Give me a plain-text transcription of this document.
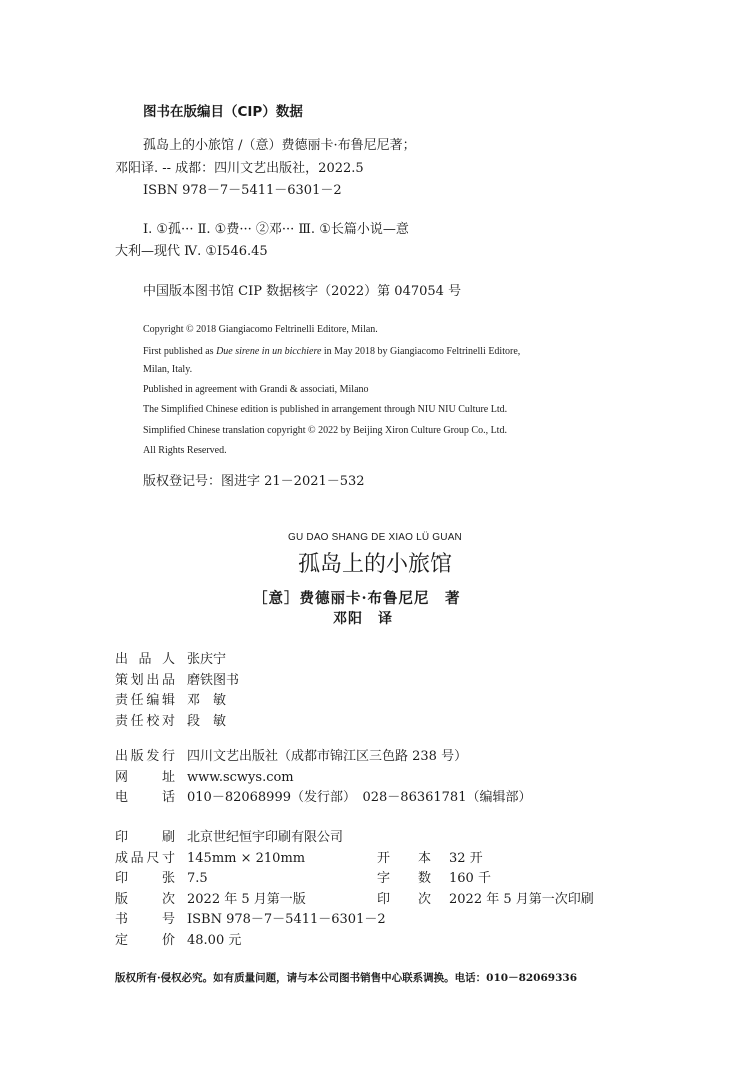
图书在版编目（CIP）数据
孤岛上的小旅馆 /（意）费德丽卡·布鲁尼尼著；
邓阳译. -- 成都：四川文艺出版社，2022.5
ISBN 978－7－5411－6301－2
Ⅰ. ①孤··· Ⅱ. ①费··· ②邓··· Ⅲ. ①长篇小说—意
大利—现代 Ⅳ. ①I546.45
中国版本图书馆 CIP 数据核字（2022）第 047054 号
Copyright © 2018 Giangiacomo Feltrinelli Editore, Milan.
First published as Due sirene in un bicchiere in May 2018 by Giangiacomo Feltrinelli Editore,
Milan, Italy.
Published in agreement with Grandi & associati, Milano
The Simplified Chinese edition is published in arrangement through NIU NIU Culture Ltd.
Simplified Chinese translation copyright © 2022 by Beijing Xiron Culture Group Co., Ltd.
All Rights Reserved.
版权登记号：图进字 21－2021－532
GU DAO SHANG DE XIAO LÜ GUAN
孤岛上的小旅馆
［意］费德丽卡·布鲁尼尼　著
邓阳　译
出品人 张庆宁
策划出品 磨铁图书
责任编辑 邓　敏
责任校对 段　敏
出版发行 四川文艺出版社（成都市锦江区三色路 238 号）
网址 www.scwys.com
电话 010－82068999（发行部）　028－86361781（编辑部）
印刷 北京世纪恒宇印刷有限公司
成品尺寸 145mm × 210mm	开本 32 开
印张 7.5	字数 160 千
版次 2022 年 5 月第一版	印次 2022 年 5 月第一次印刷
书号 ISBN 978－7－5411－6301－2
定价 48.00 元
版权所有·侵权必究。如有质量问题，请与本公司图书销售中心联系调换。电话：010－82069336
